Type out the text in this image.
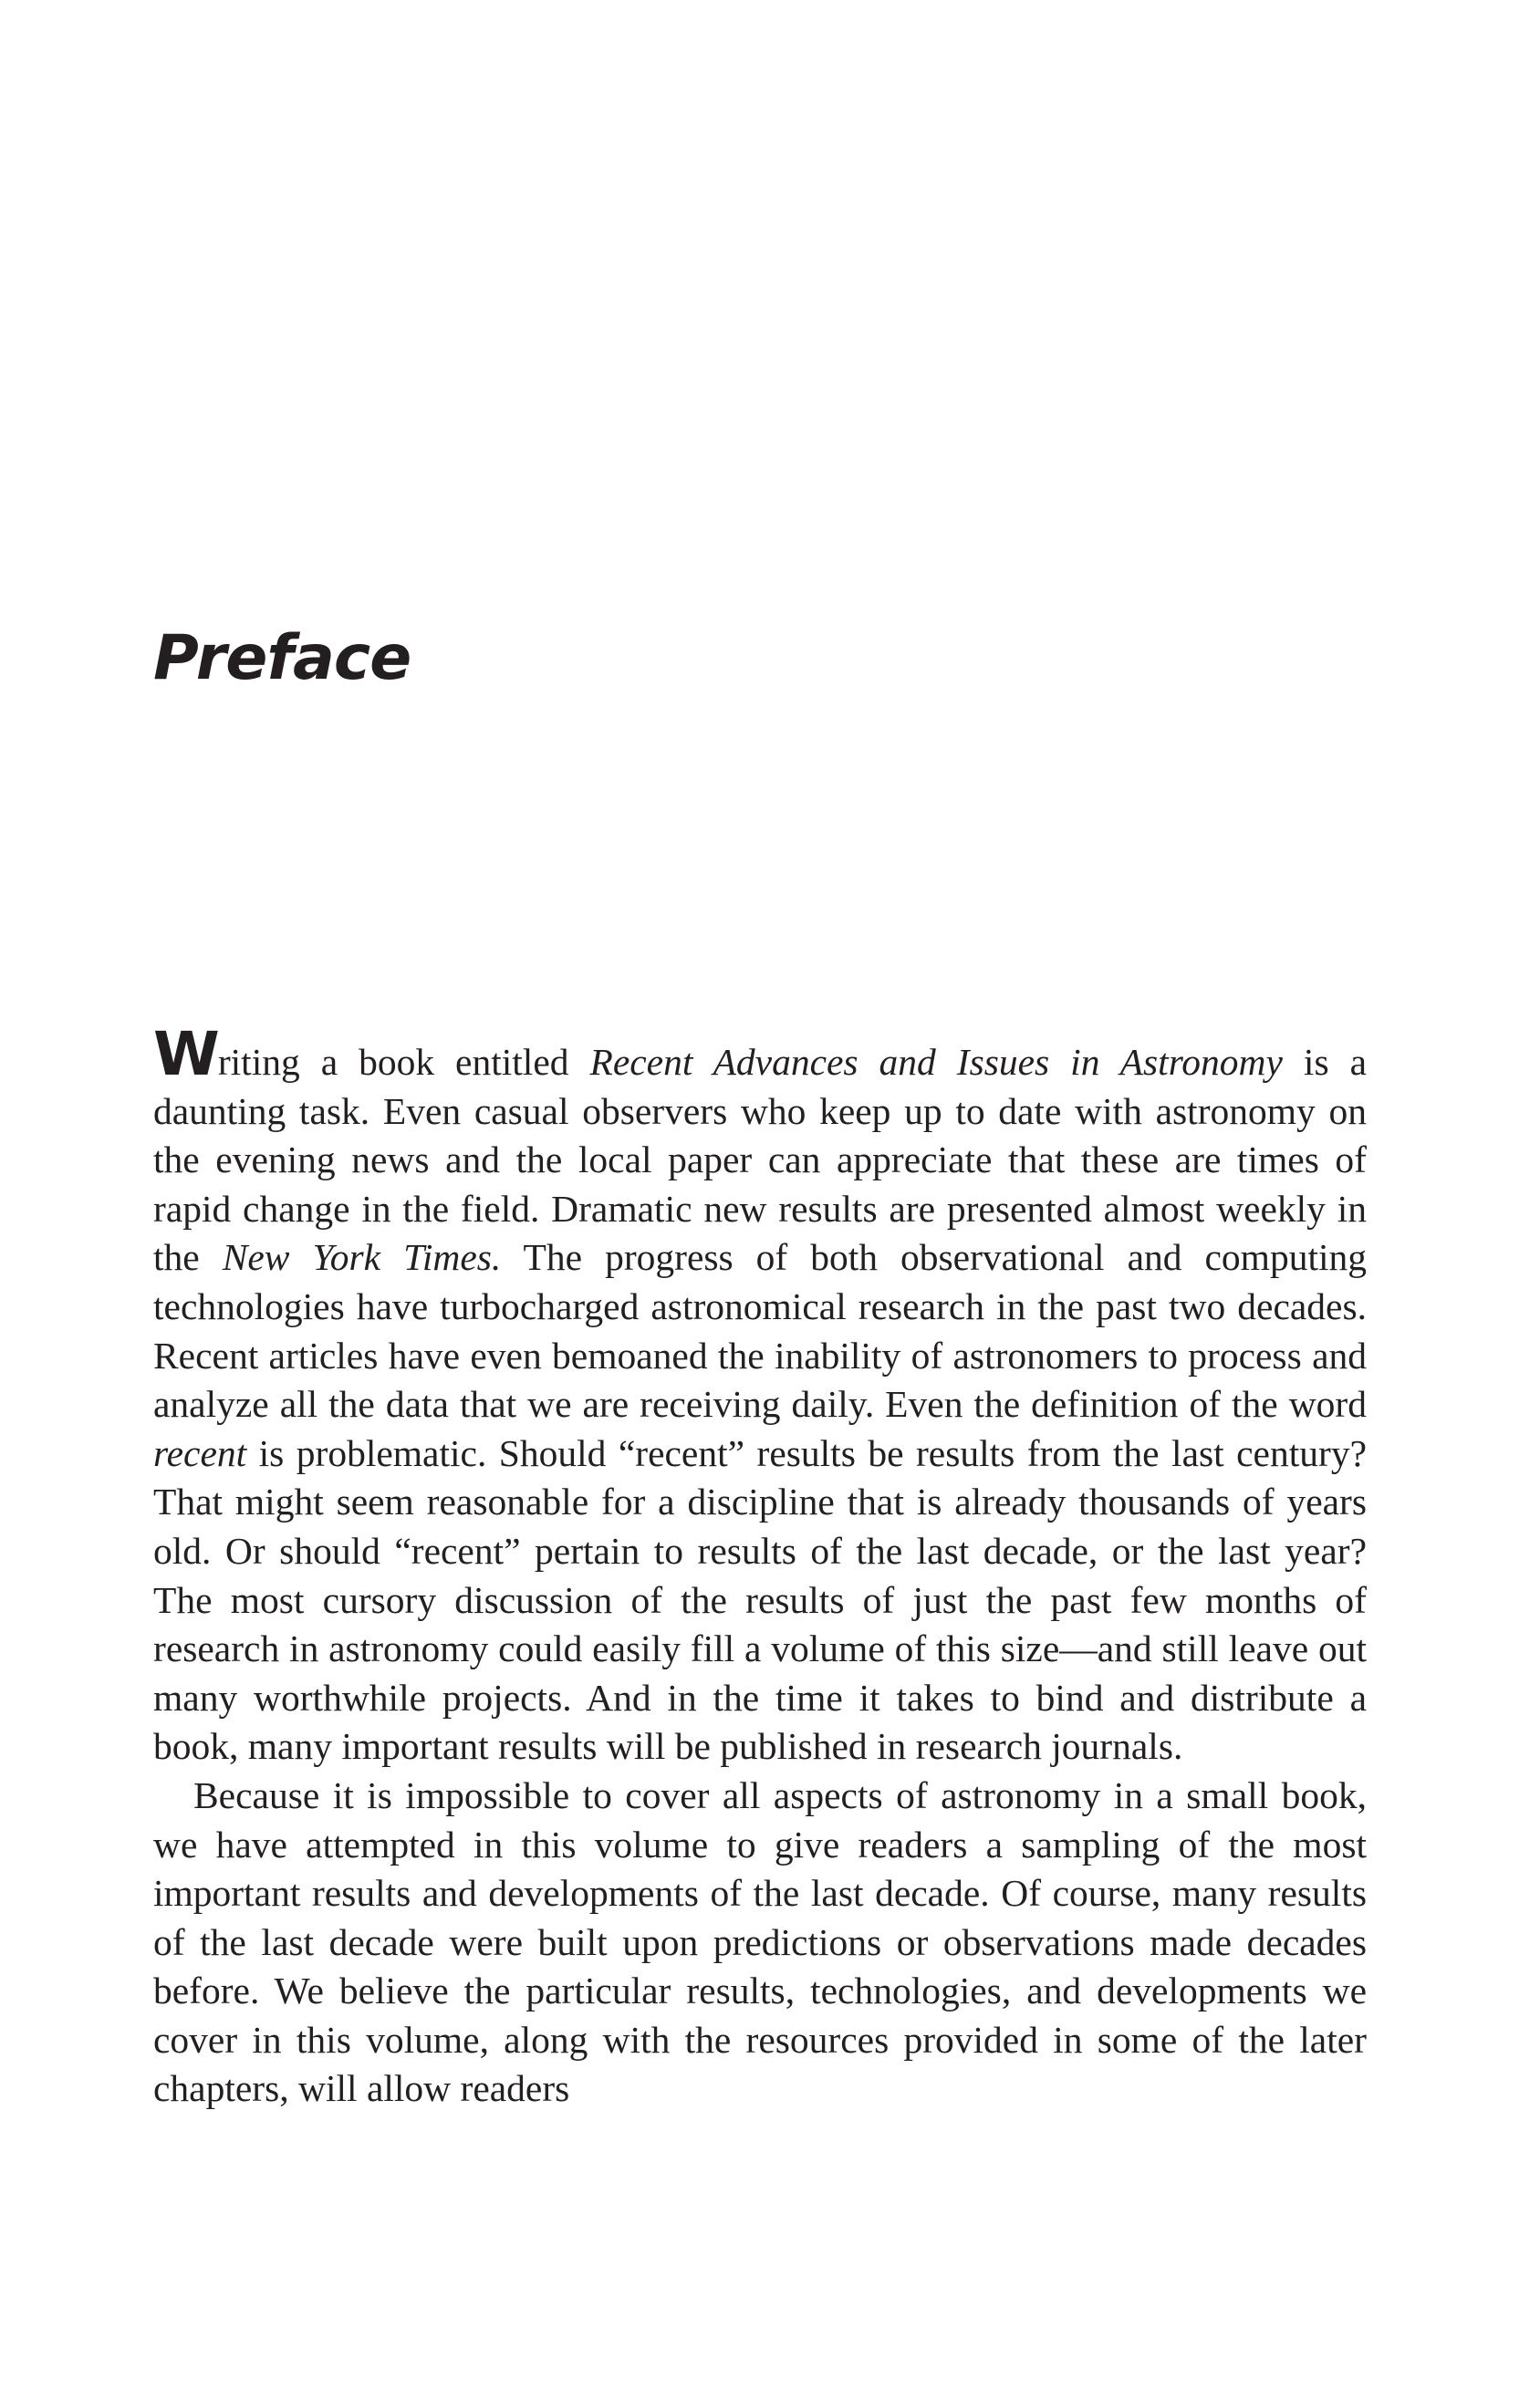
Preface

Writing a book entitled Recent Advances and Issues in Astronomy is a daunting task. Even casual observers who keep up to date with astronomy on the evening news and the local paper can appreciate that these are times of rapid change in the field. Dramatic new results are presented almost weekly in the New York Times. The progress of both observational and computing technologies have turbocharged astronomical research in the past two decades. Recent articles have even bemoaned the inability of astronomers to process and analyze all the data that we are receiving daily. Even the definition of the word recent is problematic. Should “recent” results be results from the last century? That might seem reasonable for a discipline that is already thousands of years old. Or should “recent” pertain to results of the last decade, or the last year? The most cursory discussion of the results of just the past few months of research in astronomy could easily fill a volume of this size—and still leave out many worthwhile projects. And in the time it takes to bind and distribute a book, many important results will be published in research journals.

Because it is impossible to cover all aspects of astronomy in a small book, we have attempted in this volume to give readers a sampling of the most important results and developments of the last decade. Of course, many results of the last decade were built upon predictions or observations made decades before. We believe the particular results, technologies, and developments we cover in this volume, along with the resources provided in some of the later chapters, will allow readers
